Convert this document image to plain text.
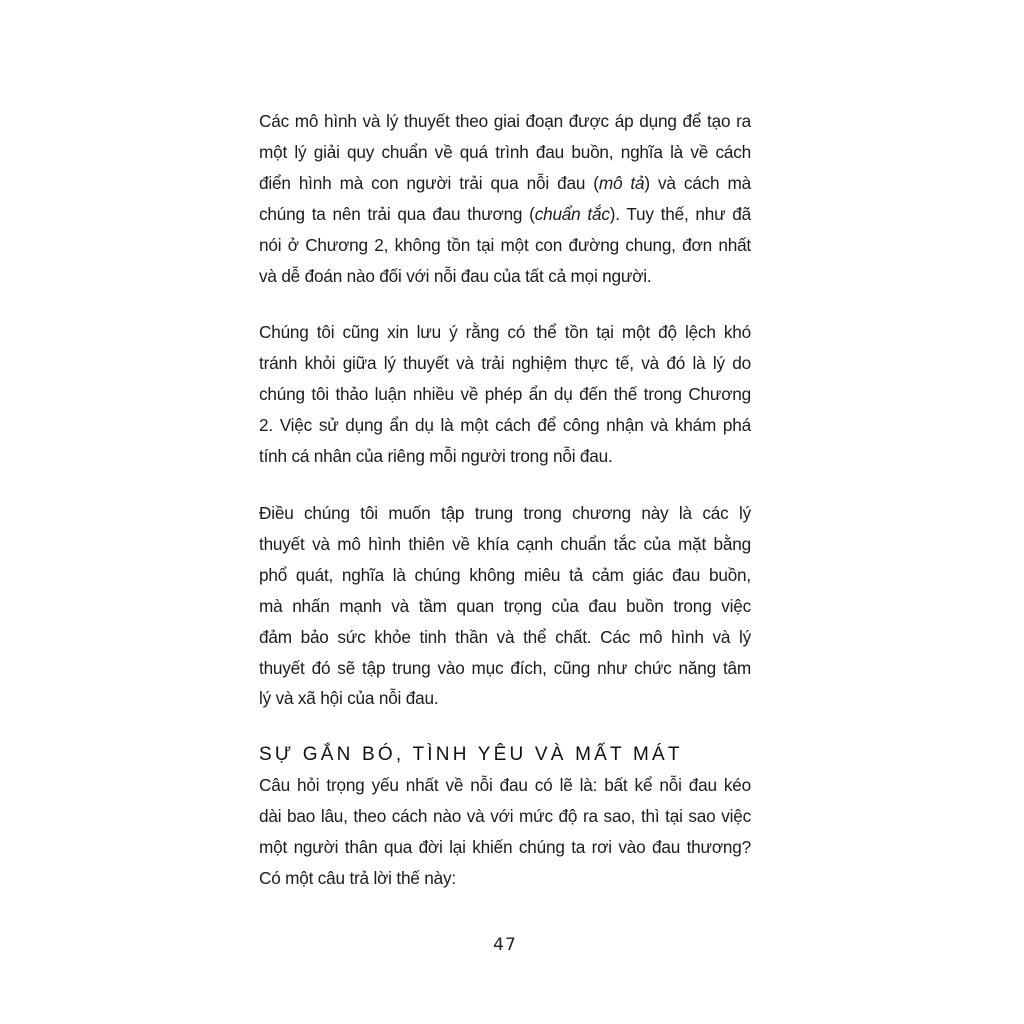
Các mô hình và lý thuyết theo giai đoạn được áp dụng để tạo ra
một lý giải quy chuẩn về quá trình đau buồn, nghĩa là về cách
điển hình mà con người trải qua nỗi đau (mô tả) và cách mà
chúng ta nên trải qua đau thương (chuẩn tắc). Tuy thế, như đã
nói ở Chương 2, không tồn tại một con đường chung, đơn nhất
và dễ đoán nào đối với nỗi đau của tất cả mọi người.

Chúng tôi cũng xin lưu ý rằng có thể tồn tại một độ lệch khó
tránh khỏi giữa lý thuyết và trải nghiệm thực tế, và đó là lý do
chúng tôi thảo luận nhiều về phép ẩn dụ đến thế trong Chương
2. Việc sử dụng ẩn dụ là một cách để công nhận và khám phá
tính cá nhân của riêng mỗi người trong nỗi đau.

Điều chúng tôi muốn tập trung trong chương này là các lý
thuyết và mô hình thiên về khía cạnh chuẩn tắc của mặt bằng
phổ quát, nghĩa là chúng không miêu tả cảm giác đau buồn,
mà nhấn mạnh và tầm quan trọng của đau buồn trong việc
đảm bảo sức khỏe tinh thần và thể chất. Các mô hình và lý
thuyết đó sẽ tập trung vào mục đích, cũng như chức năng tâm
lý và xã hội của nỗi đau.

SỰ GẮN BÓ, TÌNH YÊU VÀ MẤT MÁT

Câu hỏi trọng yếu nhất về nỗi đau có lẽ là: bất kể nỗi đau kéo
dài bao lâu, theo cách nào và với mức độ ra sao, thì tại sao việc
một người thân qua đời lại khiến chúng ta rơi vào đau thương?
Có một câu trả lời thế này:

47
